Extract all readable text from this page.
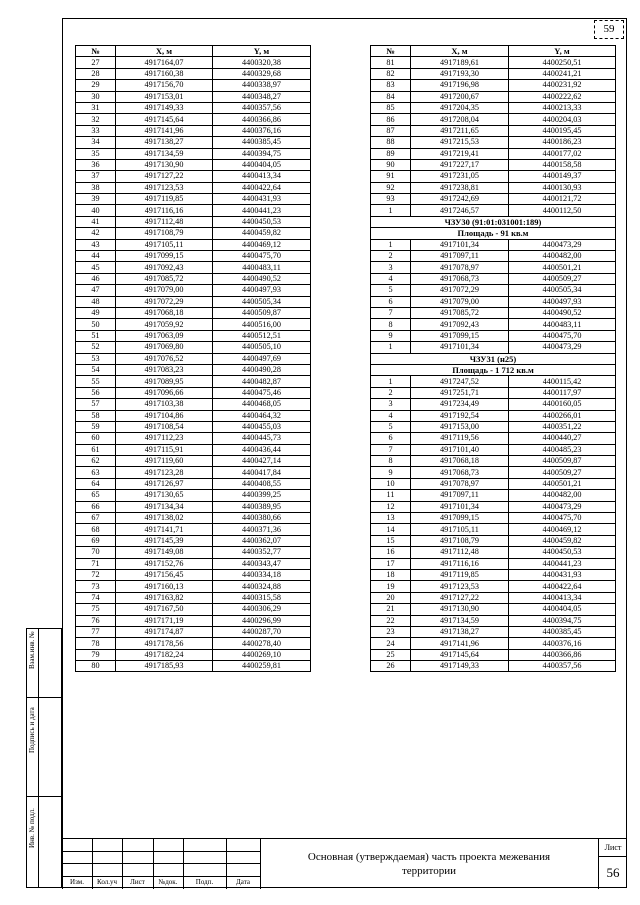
59
№	X, м	Y, м
27	4917164,07	4400320,38
28	4917160,38	4400329,68
29	4917156,70	4400338,97
30	4917153,01	4400348,27
31	4917149,33	4400357,56
32	4917145,64	4400366,86
33	4917141,96	4400376,16
34	4917138,27	4400385,45
35	4917134,59	4400394,75
36	4917130,90	4400404,05
37	4917127,22	4400413,34
38	4917123,53	4400422,64
39	4917119,85	4400431,93
40	4917116,16	4400441,23
41	4917112,48	4400450,53
42	4917108,79	4400459,82
43	4917105,11	4400469,12
44	4917099,15	4400475,70
45	4917092,43	4400483,11
46	4917085,72	4400490,52
47	4917079,00	4400497,93
48	4917072,29	4400505,34
49	4917068,18	4400509,87
50	4917059,92	4400516,00
51	4917063,09	4400512,51
52	4917069,80	4400505,10
53	4917076,52	4400497,69
54	4917083,23	4400490,28
55	4917089,95	4400482,87
56	4917096,66	4400475,46
57	4917103,38	4400468,05
58	4917104,86	4400464,32
59	4917108,54	4400455,03
60	4917112,23	4400445,73
61	4917115,91	4400436,44
62	4917119,60	4400427,14
63	4917123,28	4400417,84
64	4917126,97	4400408,55
65	4917130,65	4400399,25
66	4917134,34	4400389,95
67	4917138,02	4400380,66
68	4917141,71	4400371,36
69	4917145,39	4400362,07
70	4917149,08	4400352,77
71	4917152,76	4400343,47
72	4917156,45	4400334,18
73	4917160,13	4400324,88
74	4917163,82	4400315,58
75	4917167,50	4400306,29
76	4917171,19	4400296,99
77	4917174,87	4400287,70
78	4917178,56	4400278,40
79	4917182,24	4400269,10
80	4917185,93	4400259,81
№	X, м	Y, м
81	4917189,61	4400250,51
82	4917193,30	4400241,21
83	4917196,98	4400231,92
84	4917200,67	4400222,62
85	4917204,35	4400213,33
86	4917208,04	4400204,03
87	4917211,65	4400195,45
88	4917215,53	4400186,23
89	4917219,41	4400177,02
90	4917227,17	4400158,58
91	4917231,05	4400149,37
92	4917238,81	4400130,93
93	4917242,69	4400121,72
1	4917246,57	4400112,50
ЧЗУ30 (91:01:031001:189)		
Площадь - 91 кв.м		
1	4917101,34	4400473,29
2	4917097,11	4400482,00
3	4917078,97	4400501,21
4	4917068,73	4400509,27
5	4917072,29	4400505,34
6	4917079,00	4400497,93
7	4917085,72	4400490,52
8	4917092,43	4400483,11
9	4917099,15	4400475,70
1	4917101,34	4400473,29
ЧЗУ31 (н25)		
Площадь - 1 712 кв.м		
1	4917247,52	4400115,42
2	4917251,71	4400117,97
3	4917234,49	4400160,05
4	4917192,54	4400266,01
5	4917153,00	4400351,22
6	4917119,56	4400440,27
7	4917101,40	4400485,23
8	4917068,18	4400509,87
9	4917068,73	4400509,27
10	4917078,97	4400501,21
11	4917097,11	4400482,00
12	4917101,34	4400473,29
13	4917099,15	4400475,70
14	4917105,11	4400469,12
15	4917108,79	4400459,82
16	4917112,48	4400450,53
17	4917116,16	4400441,23
18	4917119,85	4400431,93
19	4917123,53	4400422,64
20	4917127,22	4400413,34
21	4917130,90	4400404,05
22	4917134,59	4400394,75
23	4917138,27	4400385,45
24	4917141,96	4400376,16
25	4917145,64	4400366,86
26	4917149,33	4400357,56
Взам.инв. №
Подпись и дата
Инв. № подл.
Изм.	Кол.уч	Лист	№док.	Подп.	Дата
Основная (утверждаемая) часть проекта межевания территории
Лист
56
